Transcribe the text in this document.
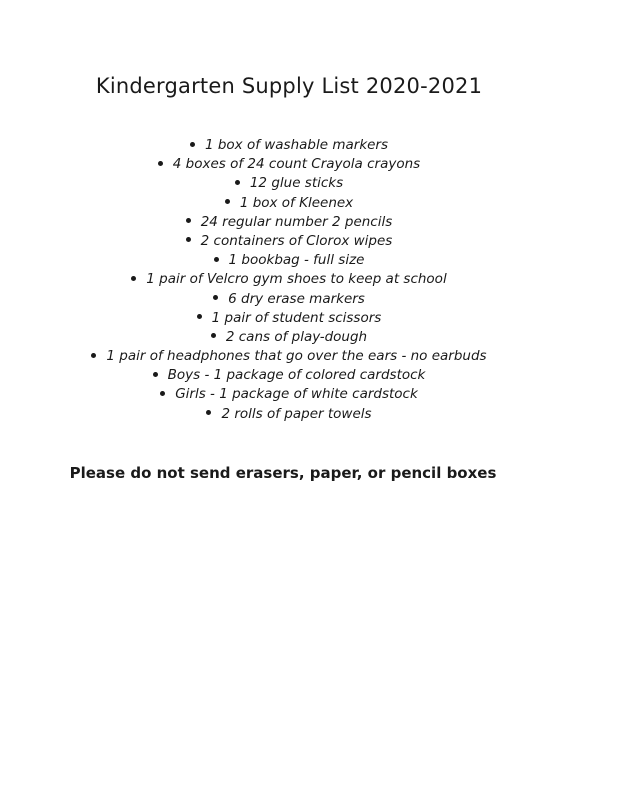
Kindergarten Supply List 2020-2021
1 box of washable markers
4 boxes of 24 count Crayola crayons
12 glue sticks
1 box of Kleenex
24 regular number 2 pencils
2 containers of Clorox wipes
1 bookbag - full size
1 pair of Velcro gym shoes to keep at school
6 dry erase markers
1 pair of student scissors
2 cans of play-dough
1 pair of headphones that go over the ears - no earbuds
Boys - 1 package of colored cardstock
Girls - 1 package of white cardstock
2 rolls of paper towels
Please do not send erasers, paper, or pencil boxes
